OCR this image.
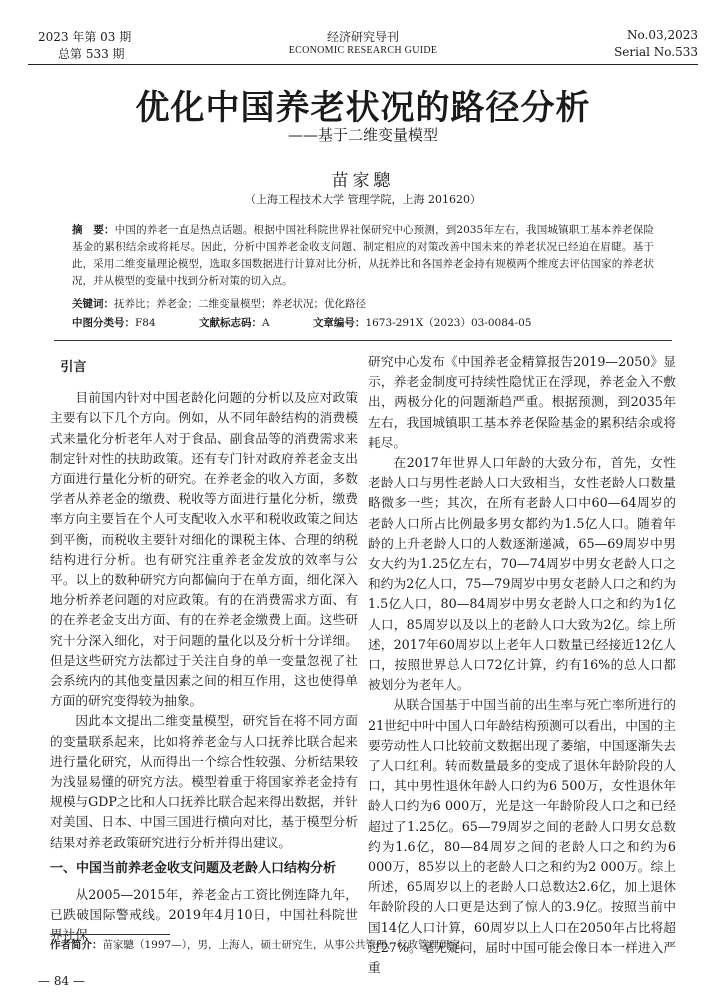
2023 年第 03 期
总第 533 期
经济研究导刊
ECONOMIC RESEARCH GUIDE
No.03,2023
Serial No.533
优化中国养老状况的路径分析
——基于二维变量模型
苗家驄
（上海工程技术大学 管理学院，上海 201620）
摘　要：中国的养老一直是热点话题。根据中国社科院世界社保研究中心预测，到2035年左右，我国城镇职工基本养老保险基金的累积结余或将耗尽。因此，分析中国养老金收支问题、制定相应的对策改善中国未来的养老状况已经迫在眉睫。基于此，采用二维变量理论模型，选取多国数据进行计算对比分析，从抚养比和各国养老金持有规模两个维度去评估国家的养老状况，并从模型的变量中找到分析对策的切入点。
关键词：抚养比；养老金；二维变量模型；养老状况；优化路径
中图分类号：F84	文献标志码：A	文章编号：1673-291X（2023）03-0084-05
引言

目前国内针对中国老龄化问题的分析以及应对政策主要有以下几个方向。例如，从不同年龄结构的消费模式来量化分析老年人对于食品、副食品等的消费需求来制定针对性的扶助政策。还有专门针对政府养老金支出方面进行量化分析的研究。在养老金的收入方面，多数学者从养老金的缴费、税收等方面进行量化分析，缴费率方向主要旨在个人可支配收入水平和税收政策之间达到平衡，而税收主要针对细化的课税主体、合理的纳税结构进行分析。也有研究注重养老金发放的效率与公平。以上的数种研究方向都偏向于在单方面，细化深入地分析养老问题的对应政策。有的在消费需求方面、有的在养老金支出方面、有的在养老金缴费上面。这些研究十分深入细化，对于问题的量化以及分析十分详细。但是这些研究方法都过于关注自身的单一变量忽视了社会系统内的其他变量因素之间的相互作用，这也使得单方面的研究变得较为抽象。

因此本文提出二维变量模型，研究旨在将不同方面的变量联系起来，比如将养老金与人口抚养比联合起来进行量化研究，从而得出一个综合性较强、分析结果较为浅显易懂的研究方法。模型着重于将国家养老金持有规模与GDP之比和人口抚养比联合起来得出数据，并针对美国、日本、中国三国进行横向对比，基于模型分析结果对养老政策研究进行分析并得出建议。

一、中国当前养老金收支问题及老龄人口结构分析

从2005—2015年，养老金占工资比例连降九年，已跌破国际警戒线。2019年4月10日，中国社科院世界社保

研究中心发布《中国养老金精算报告2019—2050》显示，养老金制度可持续性隐忧正在浮现，养老金入不敷出，两极分化的问题渐趋严重。根据预测，到2035年左右，我国城镇职工基本养老保险基金的累积结余或将耗尽。

在2017年世界人口年龄的大致分布，首先，女性老龄人口与男性老龄人口大致相当，女性老龄人口数量略微多一些；其次，在所有老龄人口中60—64周岁的老龄人口所占比例最多男女都约为1.5亿人口。随着年龄的上升老龄人口的人数逐渐递减，65—69周岁中男女大约为1.25亿左右，70—74周岁中男女老龄人口之和约为2亿人口，75—79周岁中男女老龄人口之和约为1.5亿人口，80—84周岁中男女老龄人口之和约为1亿人口，85周岁以及以上的老龄人口大致为2亿。综上所述，2017年60周岁以上老年人口数量已经接近12亿人口，按照世界总人口72亿计算，约有16%的总人口都被划分为老年人。

从联合国基于中国当前的出生率与死亡率所进行的21世纪中叶中国人口年龄结构预测可以看出，中国的主要劳动性人口比较前文数据出现了萎缩，中国逐渐失去了人口红利。转而数量最多的变成了退休年龄阶段的人口，其中男性退休年龄人口约为6 500万，女性退休年龄人口约为6 000万，光是这一年龄阶段人口之和已经超过了1.25亿。65—79周岁之间的老龄人口男女总数约为1.6亿，80—84周岁之间的老龄人口之和约为6 000万，85岁以上的老龄人口之和约为2 000万。综上所述，65周岁以上的老龄人口总数达2.6亿，加上退休年龄阶段的人口更是达到了惊人的3.9亿。按照当前中国14亿人口计算，60周岁以上人口在2050年占比将超过27%。毫无疑问，届时中国可能会像日本一样进入严重

作者简介：苗家驄（1997—），男，上海人，硕士研究生，从事公共管理、行政管理研究。
— 84 —
